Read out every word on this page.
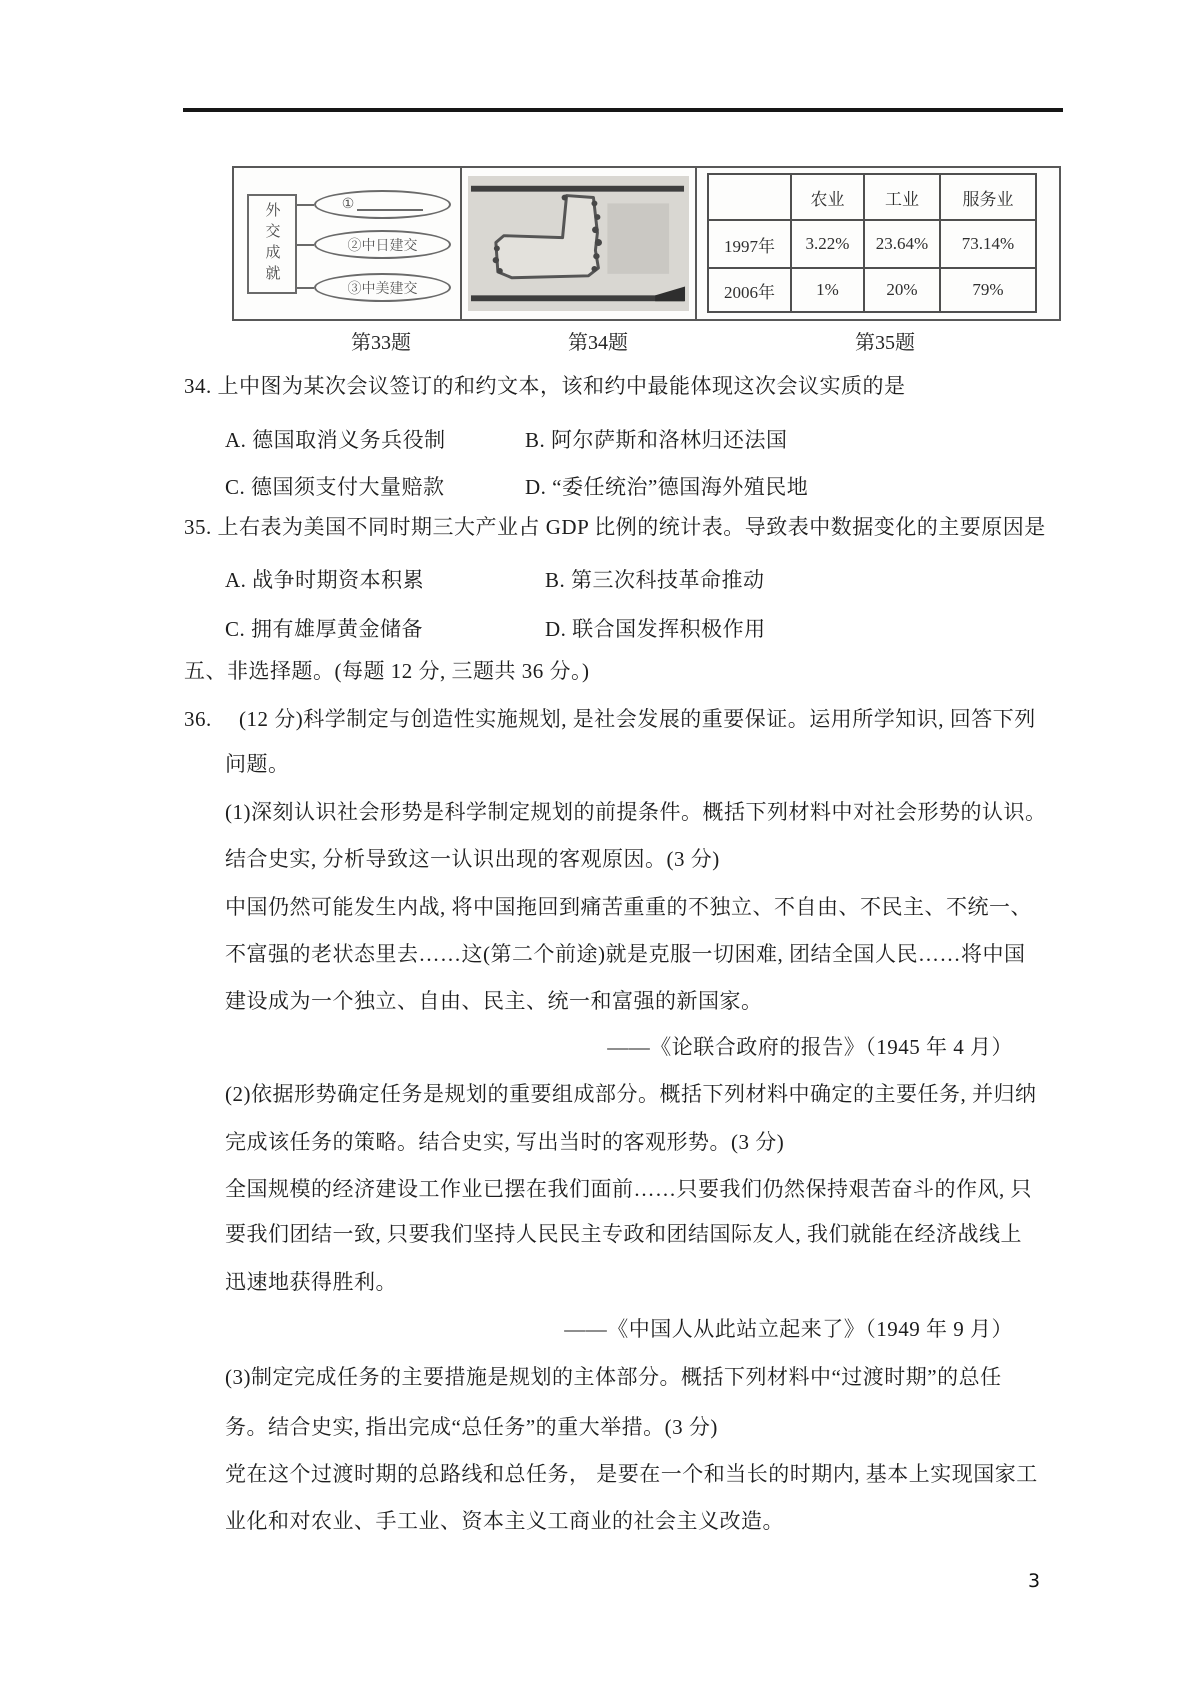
外交成就	①
②中日建交
③中美建交
	农业	工业	服务业
1997年	3.22%	23.64%	73.14%
2006年	1%	20%	79%
第33题	第34题	第35题
34. 上中图为某次会议签订的和约文本，该和约中最能体现这次会议实质的是
A. 德国取消义务兵役制	B. 阿尔萨斯和洛林归还法国
C. 德国须支付大量赔款	D. “委任统治”德国海外殖民地
35. 上右表为美国不同时期三大产业占 GDP 比例的统计表。导致表中数据变化的主要原因是
A. 战争时期资本积累	B. 第三次科技革命推动
C. 拥有雄厚黄金储备	D. 联合国发挥积极作用
五、非选择题。(每题 12 分, 三题共 36 分。)
36.　 (12 分)科学制定与创造性实施规划, 是社会发展的重要保证。运用所学知识, 回答下列
问题。
(1)深刻认识社会形势是科学制定规划的前提条件。概括下列材料中对社会形势的认识。
结合史实, 分析导致这一认识出现的客观原因。(3 分)
中国仍然可能发生内战, 将中国拖回到痛苦重重的不独立、不自由、不民主、不统一、
不富强的老状态里去……这(第二个前途)就是克服一切困难, 团结全国人民……将中国
建设成为一个独立、自由、民主、统一和富强的新国家。
——《论联合政府的报告》（1945 年 4 月）
(2)依据形势确定任务是规划的重要组成部分。概括下列材料中确定的主要任务, 并归纳
完成该任务的策略。结合史实, 写出当时的客观形势。(3 分)
全国规模的经济建设工作业已摆在我们面前……只要我们仍然保持艰苦奋斗的作风, 只
要我们团结一致, 只要我们坚持人民民主专政和团结国际友人, 我们就能在经济战线上
迅速地获得胜利。
——《中国人从此站立起来了》（1949 年 9 月）
(3)制定完成任务的主要措施是规划的主体部分。概括下列材料中“过渡时期”的总任
务。结合史实, 指出完成“总任务”的重大举措。(3 分)
党在这个过渡时期的总路线和总任务， 是要在一个和当长的时期内, 基本上实现国家工
业化和对农业、手工业、资本主义工商业的社会主义改造。
3
